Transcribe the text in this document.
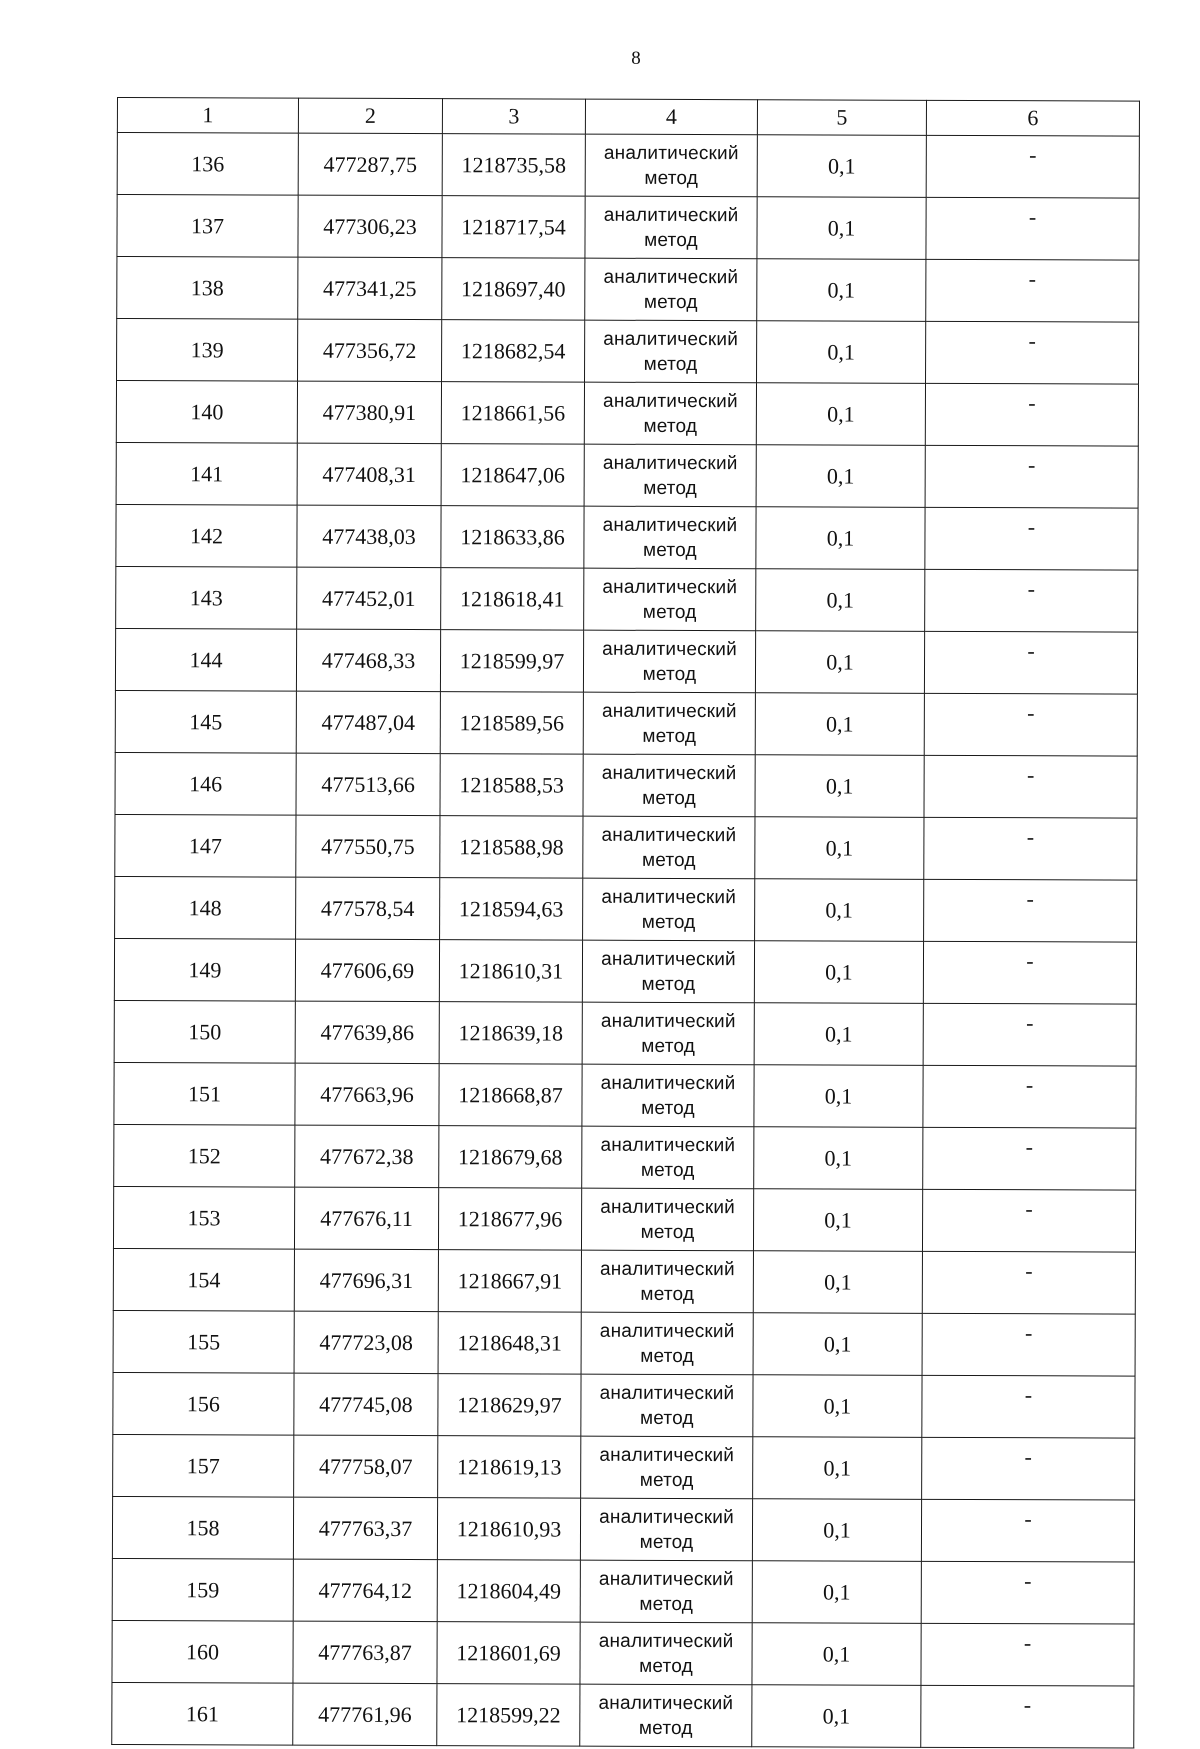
8
1	2	3	4	5	6
136	477287,75	1218735,58	аналитический метод	0,1	-
137	477306,23	1218717,54	аналитический метод	0,1	-
138	477341,25	1218697,40	аналитический метод	0,1	-
139	477356,72	1218682,54	аналитический метод	0,1	-
140	477380,91	1218661,56	аналитический метод	0,1	-
141	477408,31	1218647,06	аналитический метод	0,1	-
142	477438,03	1218633,86	аналитический метод	0,1	-
143	477452,01	1218618,41	аналитический метод	0,1	-
144	477468,33	1218599,97	аналитический метод	0,1	-
145	477487,04	1218589,56	аналитический метод	0,1	-
146	477513,66	1218588,53	аналитический метод	0,1	-
147	477550,75	1218588,98	аналитический метод	0,1	-
148	477578,54	1218594,63	аналитический метод	0,1	-
149	477606,69	1218610,31	аналитический метод	0,1	-
150	477639,86	1218639,18	аналитический метод	0,1	-
151	477663,96	1218668,87	аналитический метод	0,1	-
152	477672,38	1218679,68	аналитический метод	0,1	-
153	477676,11	1218677,96	аналитический метод	0,1	-
154	477696,31	1218667,91	аналитический метод	0,1	-
155	477723,08	1218648,31	аналитический метод	0,1	-
156	477745,08	1218629,97	аналитический метод	0,1	-
157	477758,07	1218619,13	аналитический метод	0,1	-
158	477763,37	1218610,93	аналитический метод	0,1	-
159	477764,12	1218604,49	аналитический метод	0,1	-
160	477763,87	1218601,69	аналитический метод	0,1	-
161	477761,96	1218599,22	аналитический метод	0,1	-
